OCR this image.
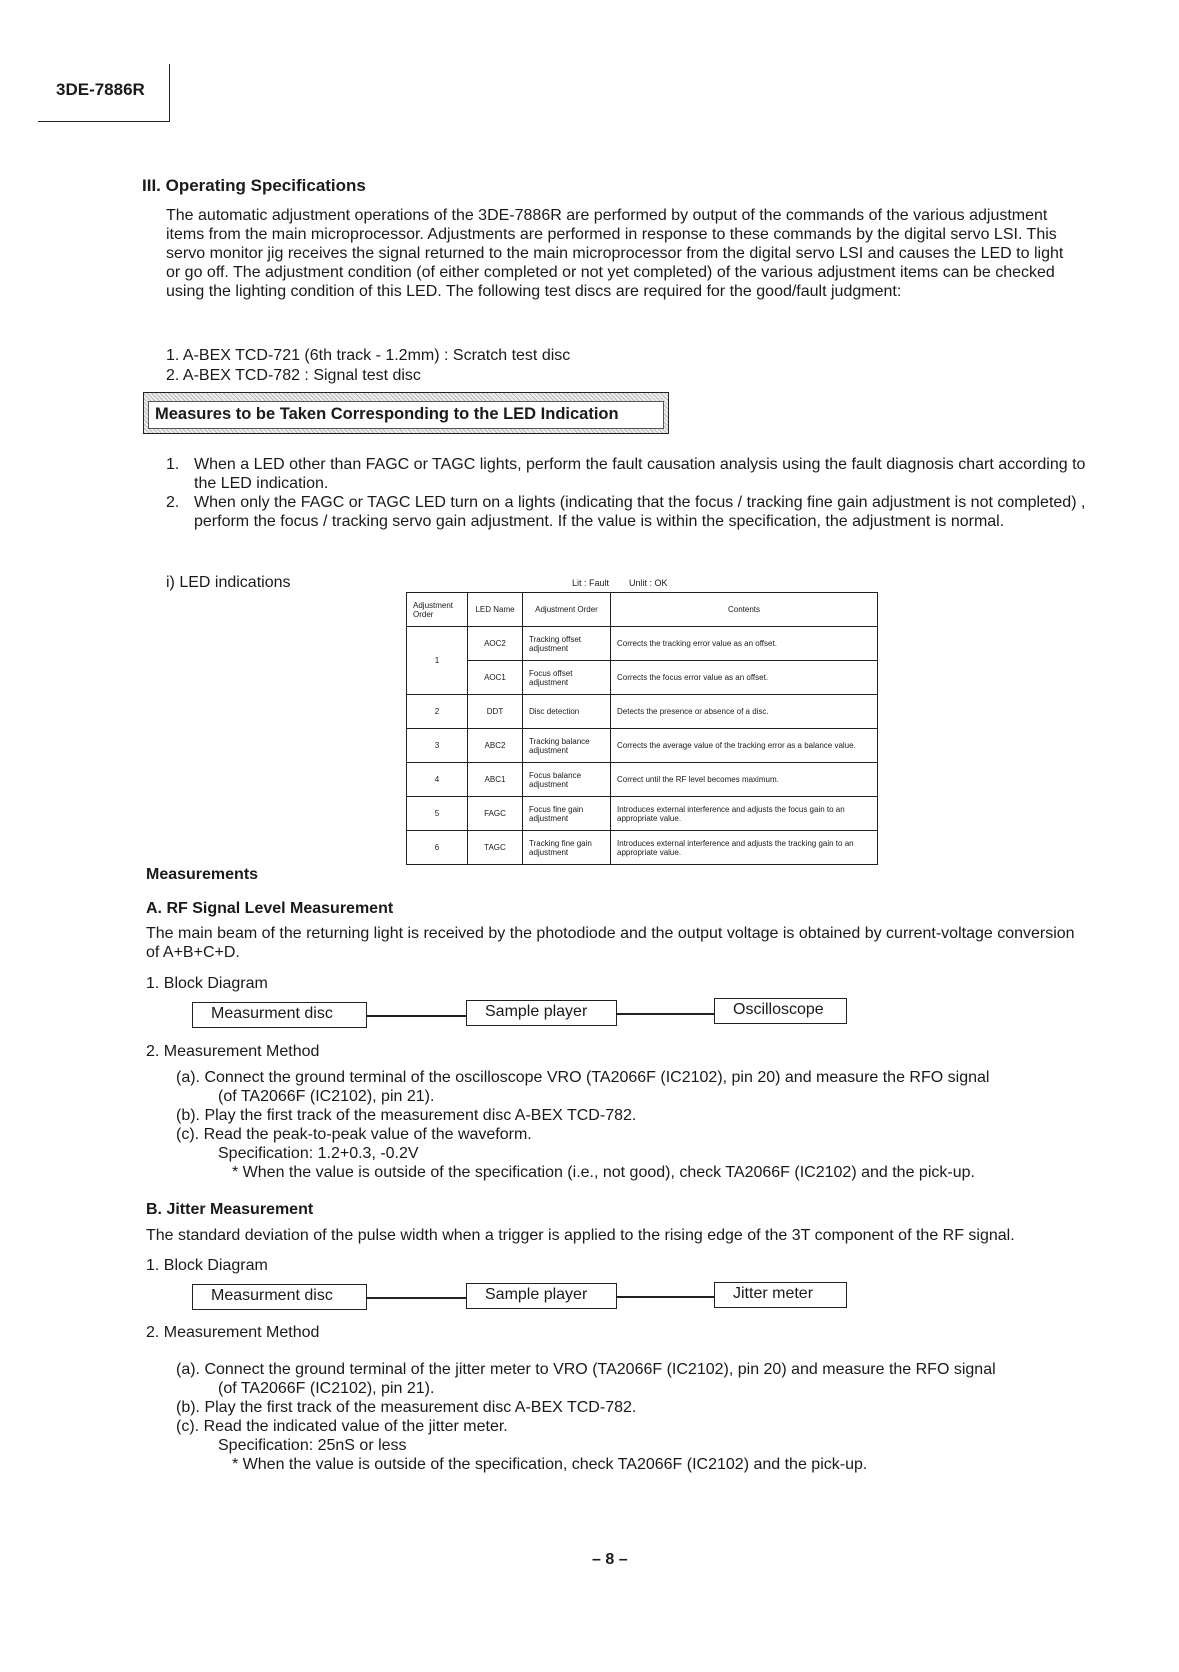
3DE-7886R
III. Operating Specifications
The automatic adjustment operations of the 3DE-7886R are performed by output of the commands of the various adjustment items from the main microprocessor. Adjustments are performed in response to these commands by the digital servo LSI. This servo monitor jig receives the signal returned to the main microprocessor from the digital servo LSI and causes the LED to light or go off. The adjustment condition (of either completed or not yet completed) of the various adjustment items can be checked using the lighting condition of this LED. The following test discs are required for the good/fault judgment:
1. A-BEX TCD-721 (6th track - 1.2mm) : Scratch test disc
2. A-BEX TCD-782 : Signal test disc
Measures to be Taken Corresponding to the LED Indication
1. When a LED other than FAGC or TAGC lights, perform the fault causation analysis using the fault diagnosis chart according to the LED indication.
2. When only the FAGC or TAGC LED turn on a lights (indicating that the focus / tracking fine gain adjustment is not completed) , perform the focus / tracking servo gain adjustment. If the value is within the specification, the adjustment is normal.
i) LED indications	Lit : Fault Unlit : OK
Adjustment Order	LED Name	Adjustment Order	Contents
1	AOC2	Tracking offset adjustment	Corrects the tracking error value as an offset.
	AOC1	Focus offset adjustment	Corrects the focus error value as an offset.
2	DDT	Disc detection	Detects the presence or absence of a disc.
3	ABC2	Tracking balance adjustment	Corrects the average value of the tracking error as a balance value.
4	ABC1	Focus balance adjustment	Correct until the RF level becomes maximum.
5	FAGC	Focus fine gain adjustment	Introduces external interference and adjusts the focus gain to an appropriate value.
6	TAGC	Tracking fine gain adjustment	Introduces external interference and adjusts the tracking gain to an appropriate value.
Measurements
A. RF Signal Level Measurement
The main beam of the returning light is received by the photodiode and the output voltage is obtained by current-voltage conversion of A+B+C+D.
1. Block Diagram
Measurment disc	Sample player	Oscilloscope
2. Measurement Method
(a). Connect the ground terminal of the oscilloscope VRO (TA2066F (IC2102), pin 20) and measure the RFO signal
(of TA2066F (IC2102), pin 21).
(b). Play the first track of the measurement disc A-BEX TCD-782.
(c). Read the peak-to-peak value of the waveform.
Specification: 1.2+0.3, -0.2V
* When the value is outside of the specification (i.e., not good), check TA2066F (IC2102) and the pick-up.
B. Jitter Measurement
The standard deviation of the pulse width when a trigger is applied to the rising edge of the 3T component of the RF signal.
1. Block Diagram
Measurment disc	Sample player	Jitter meter
2. Measurement Method
(a). Connect the ground terminal of the jitter meter to VRO (TA2066F (IC2102), pin 20) and measure the RFO signal
(of TA2066F (IC2102), pin 21).
(b). Play the first track of the measurement disc A-BEX TCD-782.
(c). Read the indicated value of the jitter meter.
Specification: 25nS or less
* When the value is outside of the specification, check TA2066F (IC2102) and the pick-up.
– 8 –
